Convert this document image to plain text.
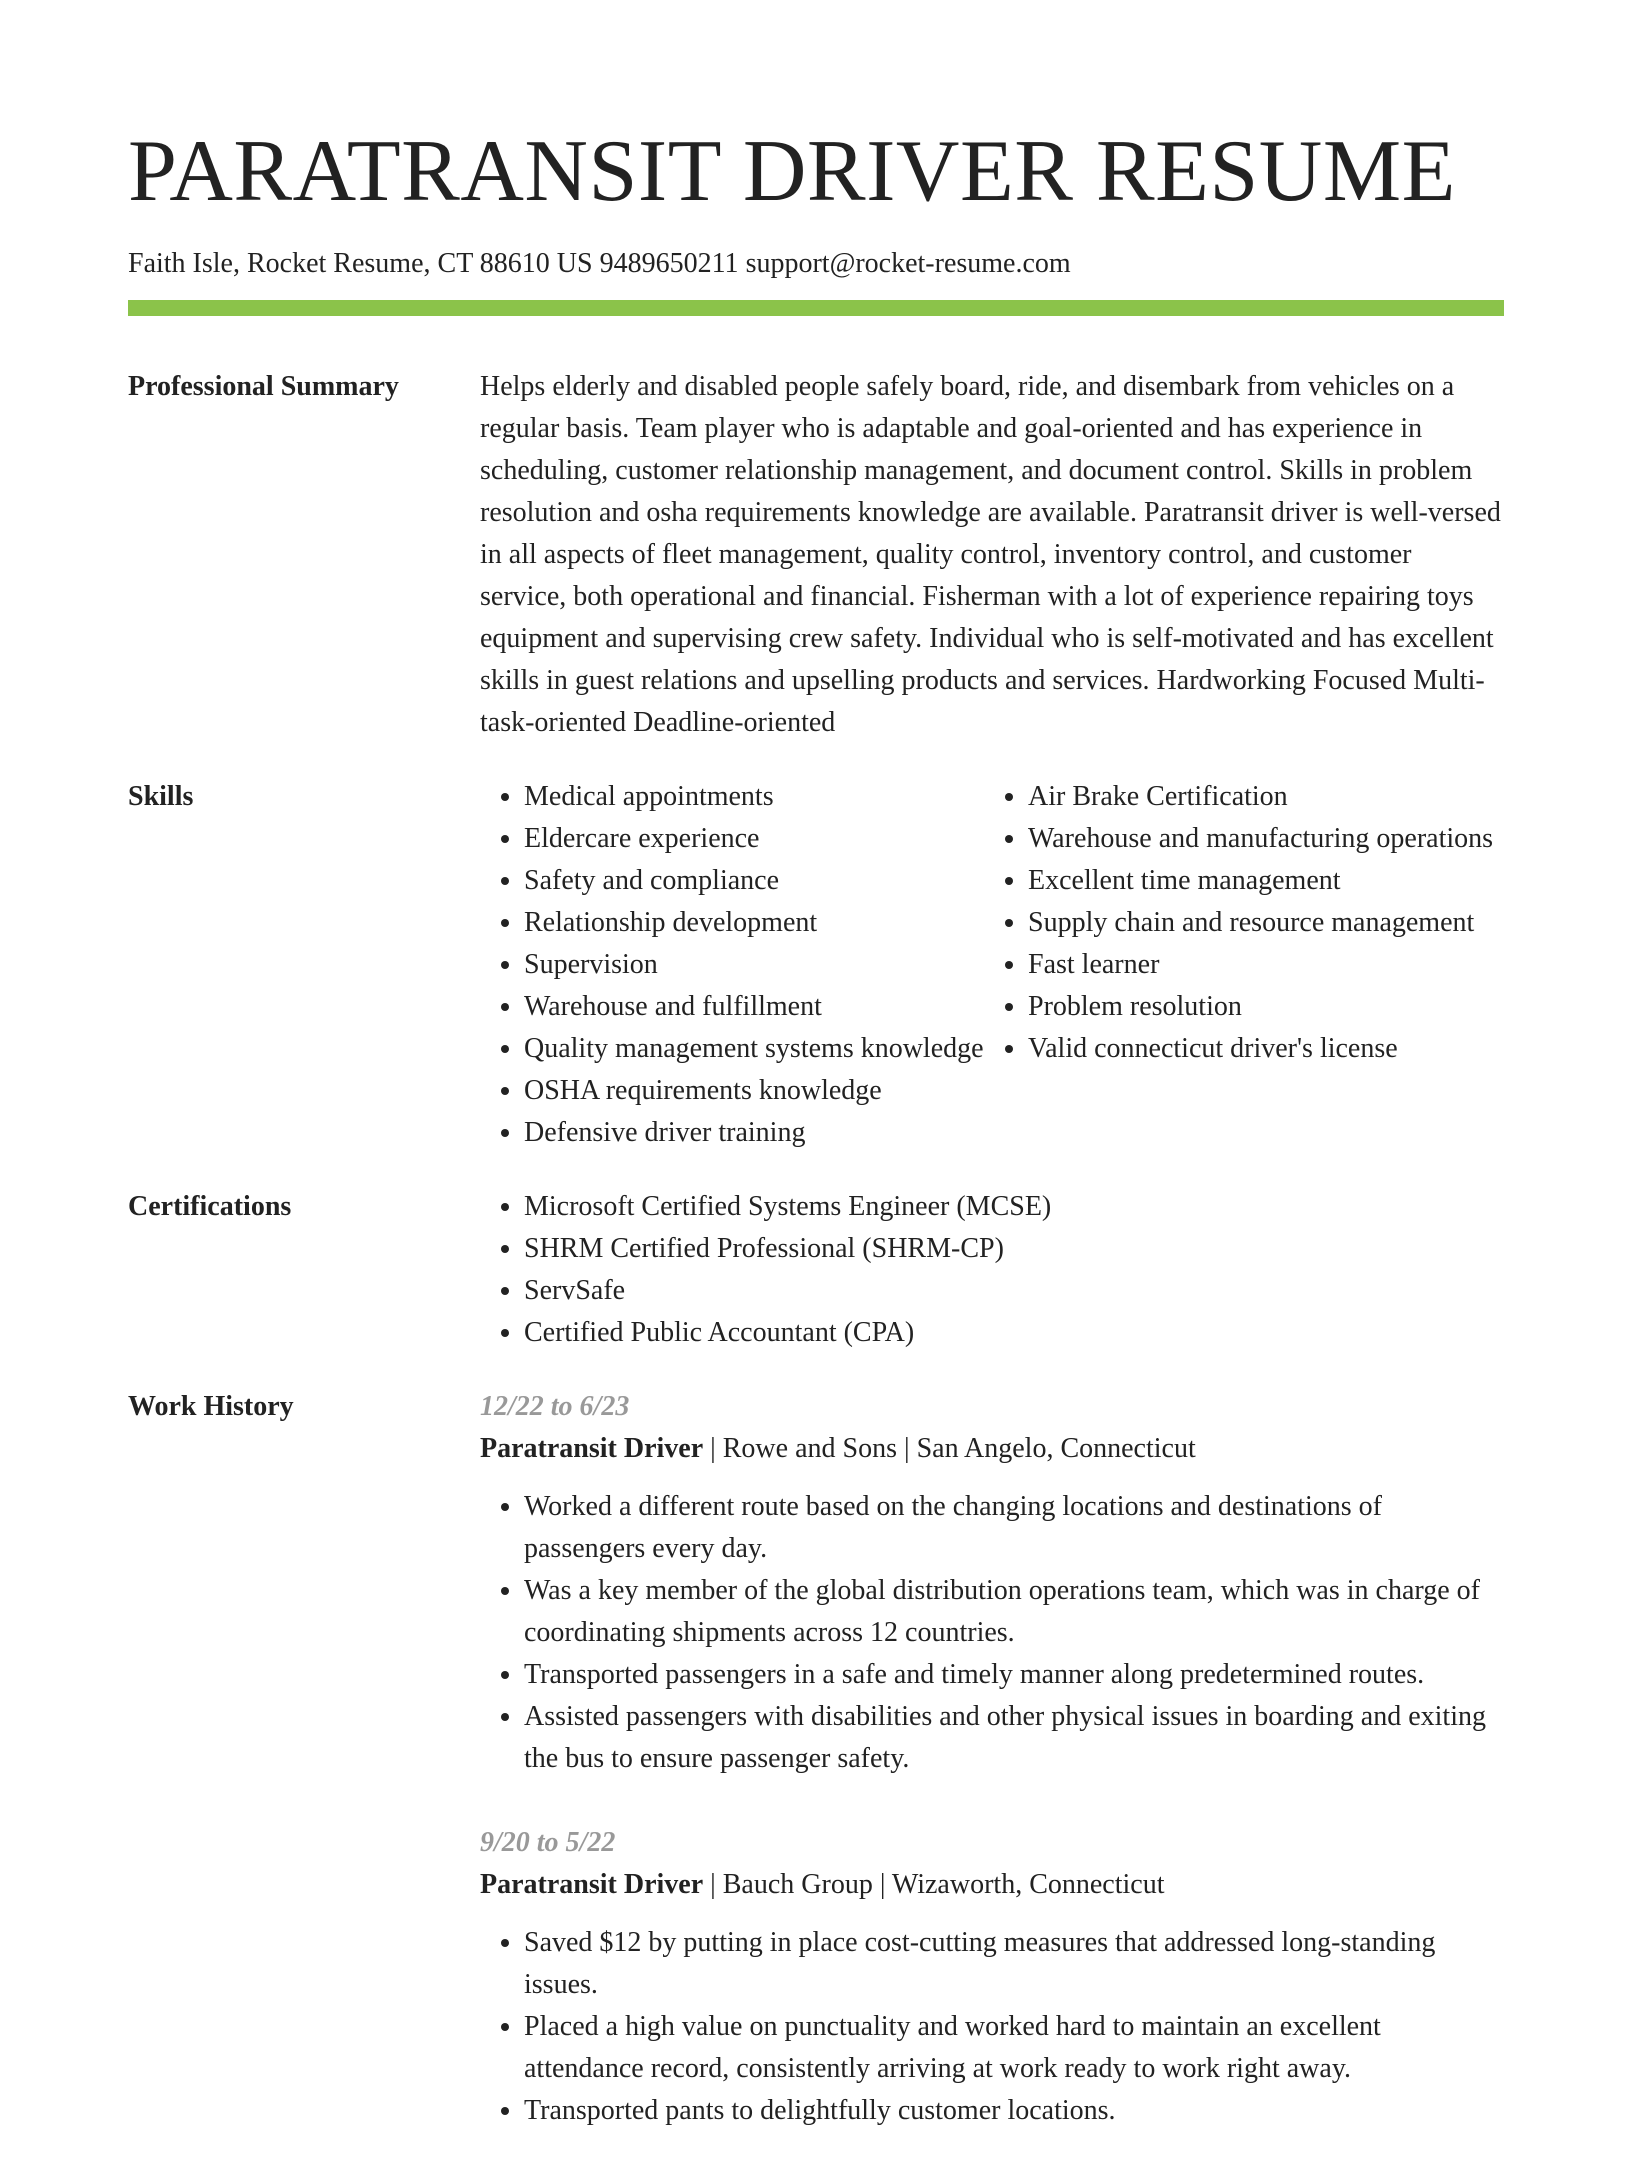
PARATRANSIT DRIVER RESUME
Faith Isle, Rocket Resume, CT 88610 US 9489650211 support@rocket-resume.com
Professional Summary	Helps elderly and disabled people safely board, ride, and disembark from vehicles on a regular basis. Team player who is adaptable and goal-oriented and has experience in scheduling, customer relationship management, and document control. Skills in problem resolution and osha requirements knowledge are available. Paratransit driver is well-versed in all aspects of fleet management, quality control, inventory control, and customer service, both operational and financial. Fisherman with a lot of experience repairing toys equipment and supervising crew safety. Individual who is self-motivated and has excellent skills in guest relations and upselling products and services. Hardworking Focused Multi-task-oriented Deadline-oriented

Skills	• Medical appointments
• Eldercare experience
• Safety and compliance
• Relationship development
• Supervision
• Warehouse and fulfillment
• Quality management systems knowledge
• OSHA requirements knowledge
• Defensive driver training
• Air Brake Certification
• Warehouse and manufacturing operations
• Excellent time management
• Supply chain and resource management
• Fast learner
• Problem resolution
• Valid connecticut driver's license
Certifications	• Microsoft Certified Systems Engineer (MCSE)
• SHRM Certified Professional (SHRM-CP)
• ServSafe
• Certified Public Accountant (CPA)
Work History	12/22 to 6/23
Paratransit Driver | Rowe and Sons | San Angelo, Connecticut
• Worked a different route based on the changing locations and destinations of passengers every day.
• Was a key member of the global distribution operations team, which was in charge of coordinating shipments across 12 countries.
• Transported passengers in a safe and timely manner along predetermined routes.
• Assisted passengers with disabilities and other physical issues in boarding and exiting the bus to ensure passenger safety.
9/20 to 5/22
Paratransit Driver | Bauch Group | Wizaworth, Connecticut
• Saved $12 by putting in place cost-cutting measures that addressed long-standing issues.
• Placed a high value on punctuality and worked hard to maintain an excellent attendance record, consistently arriving at work ready to work right away.
• Transported pants to delightfully customer locations.
